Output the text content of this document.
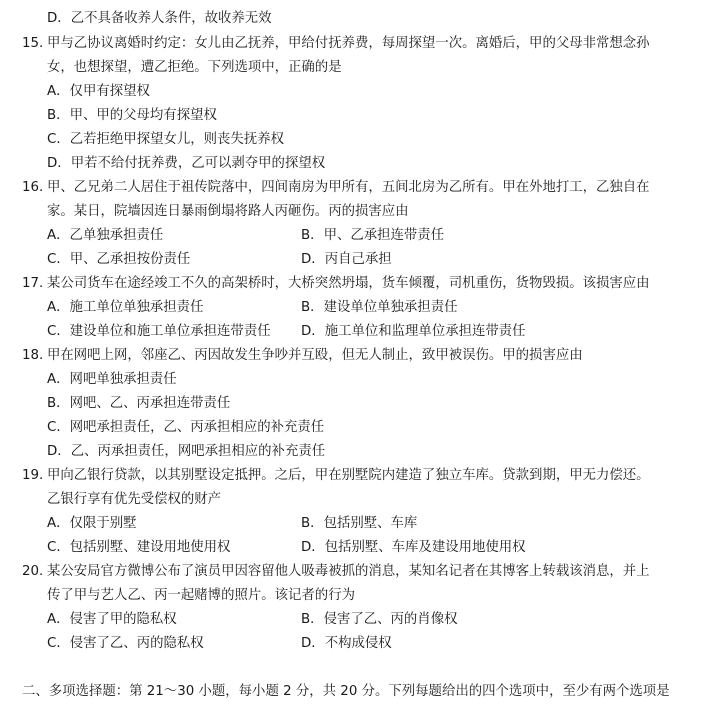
D．乙不具备收养人条件，故收养无效
15. 甲与乙协议离婚时约定：女儿由乙抚养，甲给付抚养费，每周探望一次。离婚后，甲的父母非常想念孙
女，也想探望，遭乙拒绝。下列选项中，正确的是
A．仅甲有探望权
B．甲、甲的父母均有探望权
C．乙若拒绝甲探望女儿，则丧失抚养权
D．甲若不给付抚养费，乙可以剥夺甲的探望权
16. 甲、乙兄弟二人居住于祖传院落中，四间南房为甲所有，五间北房为乙所有。甲在外地打工，乙独自在
家。某日，院墙因连日暴雨倒塌将路人丙砸伤。丙的损害应由
A．乙单独承担责任	B．甲、乙承担连带责任
C．甲、乙承担按份责任	D．丙自己承担
17. 某公司货车在途经竣工不久的高架桥时，大桥突然坍塌，货车倾覆，司机重伤，货物毁损。该损害应由
A．施工单位单独承担责任	B．建设单位单独承担责任
C．建设单位和施工单位承担连带责任 D．施工单位和监理单位承担连带责任
18. 甲在网吧上网，邻座乙、丙因故发生争吵并互殴，但无人制止，致甲被误伤。甲的损害应由
A．网吧单独承担责任
B．网吧、乙、丙承担连带责任
C．网吧承担责任，乙、丙承担相应的补充责任
D．乙、丙承担责任，网吧承担相应的补充责任
19. 甲向乙银行贷款，以其别墅设定抵押。之后，甲在别墅院内建造了独立车库。贷款到期，甲无力偿还。
乙银行享有优先受偿权的财产
A．仅限于别墅	B．包括别墅、车库
C．包括别墅、建设用地使用权	D．包括别墅、车库及建设用地使用权
20. 某公安局官方微博公布了演员甲因容留他人吸毒被抓的消息，某知名记者在其博客上转载该消息，并上
传了甲与艺人乙、丙一起赌博的照片。该记者的行为
A．侵害了甲的隐私权	B．侵害了乙、丙的肖像权
C．侵害了乙、丙的隐私权	D．不构成侵权
二、多项选择题：第 21～30 小题，每小题 2 分，共 20 分。下列每题给出的四个选项中，至少有两个选项是
